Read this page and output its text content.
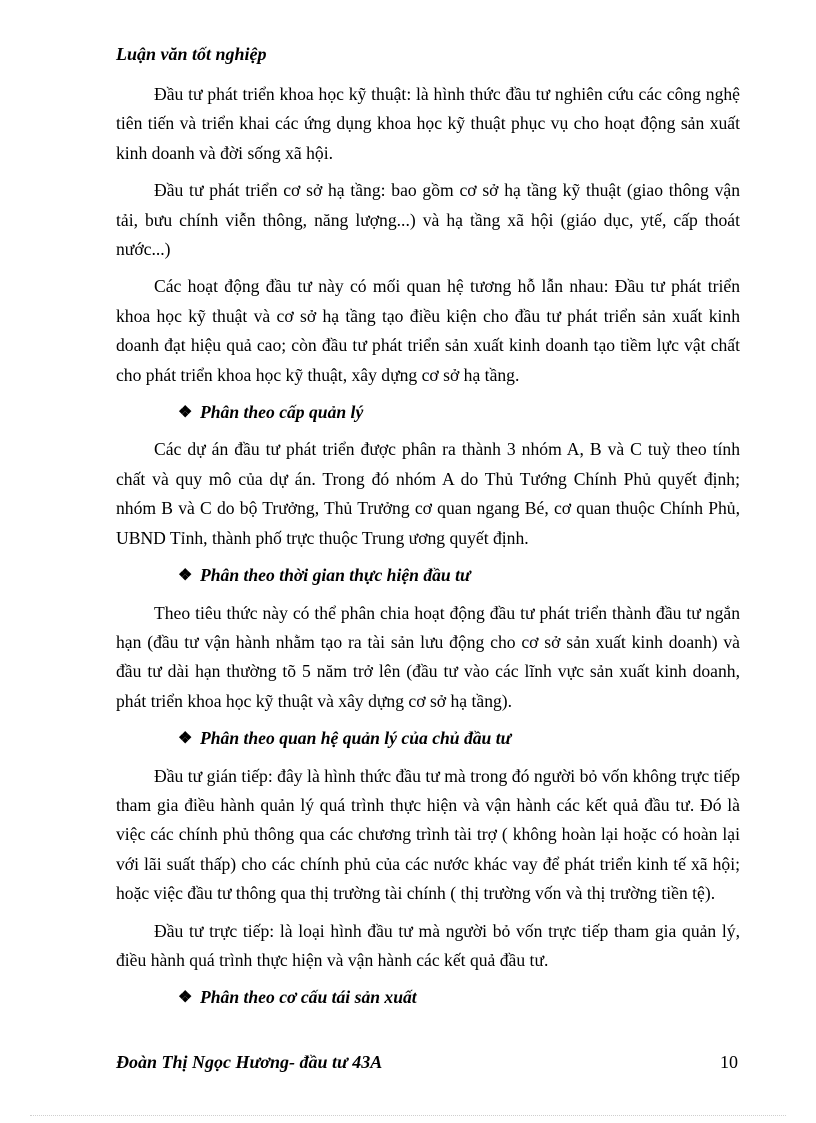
Luận văn tốt nghiệp

Đầu tư phát triển khoa học kỹ thuật: là hình thức đầu tư nghiên cứu các công nghệ tiên tiến và triển khai các ứng dụng khoa học kỹ thuật phục vụ cho hoạt động sản xuất kinh doanh và đời sống xã hội.

Đầu tư phát triển cơ sở hạ tầng: bao gồm cơ sở hạ tầng kỹ thuật (giao thông vận tải, bưu chính viễn thông, năng lượng...) và hạ tầng xã hội (giáo dục, ytế, cấp thoát nước...)

Các hoạt động đầu tư này có mối quan hệ tương hỗ lẫn nhau: Đầu tư phát triển khoa học kỹ thuật và cơ sở hạ tầng tạo điều kiện cho đầu tư phát triển sản xuất kinh doanh đạt hiệu quả cao; còn đầu tư phát triển sản xuất kinh doanh tạo tiềm lực vật chất cho phát triển khoa học kỹ thuật, xây dựng cơ sở hạ tầng.

❖ Phân theo cấp quản lý

Các dự án đầu tư phát triển được phân ra thành 3 nhóm A, B và C tuỳ theo tính chất và quy mô của dự án. Trong đó nhóm A do Thủ Tướng Chính Phủ quyết định; nhóm B và C do bộ Trưởng, Thủ Trưởng cơ quan ngang Bé, cơ quan thuộc Chính Phủ, UBND Tỉnh, thành phố trực thuộc Trung ương quyết định.

❖ Phân theo thời gian thực hiện đầu tư

Theo tiêu thức này có thể phân chia hoạt động đầu tư phát triển thành đầu tư ngắn hạn (đầu tư vận hành nhằm tạo ra tài sản lưu động cho cơ sở sản xuất kinh doanh) và đầu tư dài hạn thường tõ 5 năm trở lên (đầu tư vào các lĩnh vực sản xuất kinh doanh, phát triển khoa học kỹ thuật và xây dựng cơ sở hạ tầng).

❖ Phân theo quan hệ quản lý của chủ đầu tư

Đầu tư gián tiếp: đây là hình thức đầu tư mà trong đó người bỏ vốn không trực tiếp tham gia điều hành quản lý quá trình thực hiện và vận hành các kết quả đầu tư. Đó là việc các chính phủ thông qua các chương trình tài trợ ( không hoàn lại hoặc có hoàn lại với lãi suất thấp) cho các chính phủ của các nước khác vay để phát triển kinh tế xã hội; hoặc việc đầu tư thông qua thị trường tài chính ( thị trường vốn và thị trường tiền tệ).

Đầu tư trực tiếp: là loại hình đầu tư mà người bỏ vốn trực tiếp tham gia quản lý, điều hành quá trình thực hiện và vận hành các kết quả đầu tư.

❖ Phân theo cơ cấu tái sản xuất
Đoàn Thị Ngọc Hương- đầu tư 43A	10
